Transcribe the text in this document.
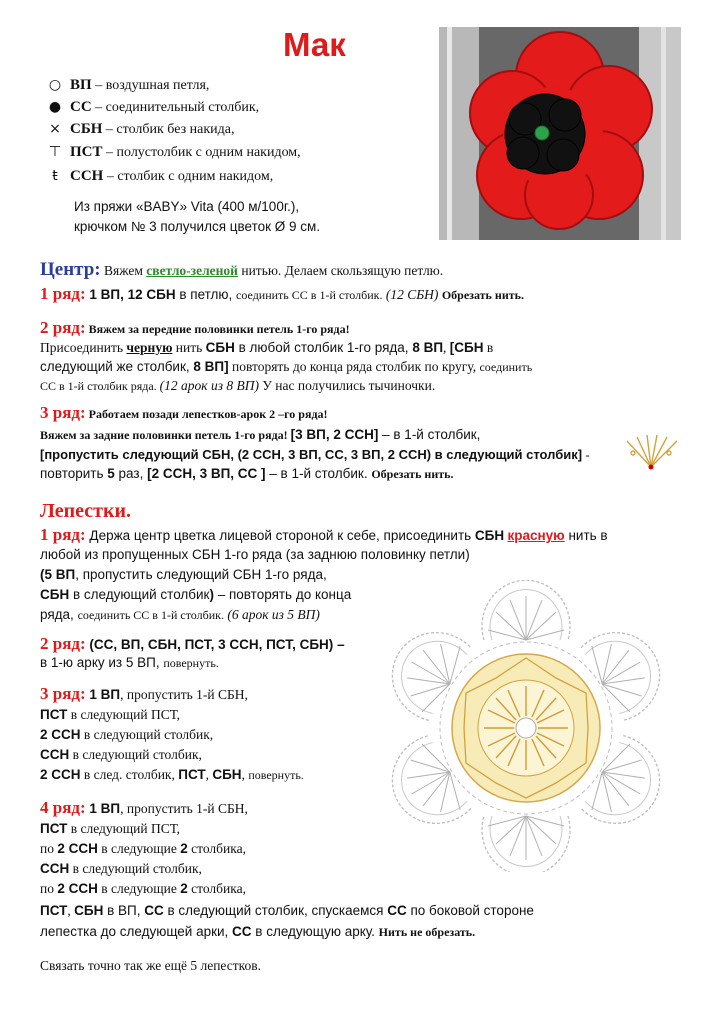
Мак
○ ВП – воздушная петля,
● СС – соединительный столбик,
× СБН – столбик без накида,
⊤ ПСТ – полустолбик с одним накидом,
ŧ ССН – столбик с одним накидом,
Из пряжи «BABY» Vita (400 м/100г.),
крючком № 3 получился цветок Ø 9 см.
Центр: Вяжем светло-зеленой нитью. Делаем скользящую петлю.
1 ряд: 1 ВП, 12 СБН в петлю, соединить СС в 1-й столбик. (12 СБН) Обрезать нить.
2 ряд: Вяжем за передние половинки петель 1-го ряда!
Присоединить черную нить СБН в любой столбик 1-го ряда, 8 ВП, [СБН в
следующий же столбик, 8 ВП] повторять до конца ряда столбик по кругу, соединить
СС в 1-й столбик ряда. (12 арок из 8 ВП) У нас получились тычиночки.
3 ряд: Работаем позади лепестков-арок 2 –го ряда!
Вяжем за задние половинки петель 1-го ряда! [3 ВП, 2 ССН] – в 1-й столбик,
[пропустить следующий СБН, (2 ССН, 3 ВП, СС, 3 ВП, 2 ССН) в следующий столбик] -
повторить 5 раз, [2 ССН, 3 ВП, СС ] – в 1-й столбик. Обрезать нить.
Лепестки.
1 ряд: Держа центр цветка лицевой стороной к себе, присоединить СБН красную нить в
любой из пропущенных СБН 1-го ряда (за заднюю половинку петли)
(5 ВП, пропустить следующий СБН 1-го ряда,
СБН в следующий столбик) – повторять до конца
ряда, соединить СС в 1-й столбик. (6 арок из 5 ВП)
2 ряд: (СС, ВП, СБН, ПСТ, 3 ССН, ПСТ, СБН) –
в 1-ю арку из 5 ВП, повернуть.
3 ряд: 1 ВП, пропустить 1-й СБН,
ПСТ в следующий ПСТ,
2 ССН в следующий столбик,
ССН в следующий столбик,
2 ССН в след. столбик, ПСТ, СБН, повернуть.
4 ряд: 1 ВП, пропустить 1-й СБН,
ПСТ в следующий ПСТ,
по 2 ССН в следующие 2 столбика,
ССН в следующий столбик,
по 2 ССН в следующие 2 столбика,
ПСТ, СБН в ВП, СС в следующий столбик, спускаемся СС по боковой стороне
лепестка до следующей арки, СС в следующую арку. Нить не обрезать.
Связать точно так же ещё 5 лепестков.
